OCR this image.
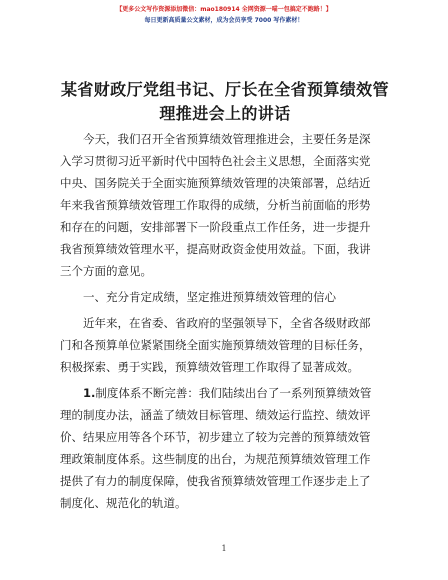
【更多公文写作资源添加微信：mao180914 全网资源一喵一包搞定不跑路！】
每日更新高质量公文素材，成为会员享受 7000 写作素材！
某省财政厅党组书记、厅长在全省预算绩效管
理推进会上的讲话

今天，我们召开全省预算绩效管理推进会，主要任务是深
入学习贯彻习近平新时代中国特色社会主义思想，全面落实党
中央、国务院关于全面实施预算绩效管理的决策部署，总结近
年来我省预算绩效管理工作取得的成绩，分析当前面临的形势
和存在的问题，安排部署下一阶段重点工作任务，进一步提升
我省预算绩效管理水平，提高财政资金使用效益。下面，我讲
三个方面的意见。

一、充分肯定成绩，坚定推进预算绩效管理的信心

近年来，在省委、省政府的坚强领导下，全省各级财政部
门和各预算单位紧紧围绕全面实施预算绩效管理的目标任务，
积极探索、勇于实践，预算绩效管理工作取得了显著成效。

1.制度体系不断完善：我们陆续出台了一系列预算绩效管
理的制度办法，涵盖了绩效目标管理、绩效运行监控、绩效评
价、结果应用等各个环节，初步建立了较为完善的预算绩效管
理政策制度体系。这些制度的出台，为规范预算绩效管理工作
提供了有力的制度保障，使我省预算绩效管理工作逐步走上了
制度化、规范化的轨道。

1
